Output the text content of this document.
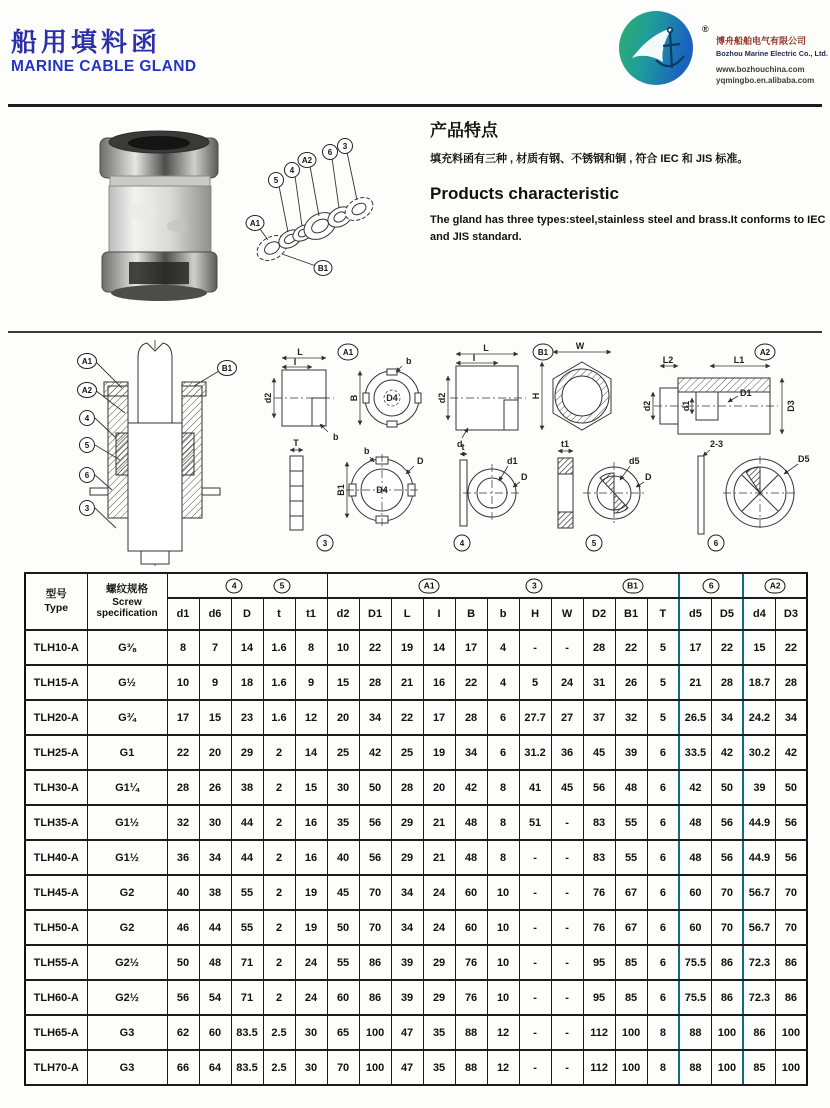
船用填料函
MARINE CABLE GLAND
®
博舟船舶电气有限公司
Bozhou Marine Electric Co., Ltd.
www.bozhouchina.com
yqmingbo.en.alibaba.com
A1
5
4
A2
6
3
B1
产品特点

填充料函有三种 , 材质有钢、不锈钢和铜 , 符合 IEC 和 JIS 标准。

Products characteristic

The gland has three types:steel,stainless steel and brass.It conforms to IEC and JIS standard.

A1
A2
4
5
6
3
B1
L
I
d2
b
b
B	D4
A1
T
b
D
B1	D4
3
L
I
d2
d
W
H
B1
t
d1
D
4
t1
d5
D
5
L2	L1
d2
D1
d1	D3
A2
2-3
D5
6
型号
Type

螺纹规格
Screw specification

4	5	A1	3	B1	6	A2

		d1	d6	D	t	t1	d2	D1	L	I	B	b	H	W	D2	B1	T	d5	D5	d4	D3
TLH10-A	G⅜	8	7	14	1.6	8	10	22	19	14	17	4	-	-	28	22	5	17	22	15	22
TLH15-A	G½	10	9	18	1.6	9	15	28	21	16	22	4	5	24	31	26	5	21	28	18.7	28
TLH20-A	G¾	17	15	23	1.6	12	20	34	22	17	28	6	27.7	27	37	32	5	26.5	34	24.2	34
TLH25-A	G1	22	20	29	2	14	25	42	25	19	34	6	31.2	36	45	39	6	33.5	42	30.2	42
TLH30-A	G1¼	28	26	38	2	15	30	50	28	20	42	8	41	45	56	48	6	42	50	39	50
TLH35-A	G1½	32	30	44	2	16	35	56	29	21	48	8	51	-	83	55	6	48	56	44.9	56
TLH40-A	G1½	36	34	44	2	16	40	56	29	21	48	8	-	-	83	55	6	48	56	44.9	56
TLH45-A	G2	40	38	55	2	19	45	70	34	24	60	10	-	-	76	67	6	60	70	56.7	70
TLH50-A	G2	46	44	55	2	19	50	70	34	24	60	10	-	-	76	67	6	60	70	56.7	70
TLH55-A	G2½	50	48	71	2	24	55	86	39	29	76	10	-	-	95	85	6	75.5	86	72.3	86
TLH60-A	G2½	56	54	71	2	24	60	86	39	29	76	10	-	-	95	85	6	75.5	86	72.3	86
TLH65-A	G3	62	60	83.5	2.5	30	65	100	47	35	88	12	-	-	112	100	8	88	100	86	100
TLH70-A	G3	66	64	83.5	2.5	30	70	100	47	35	88	12	-	-	112	100	8	88	100	85	100
